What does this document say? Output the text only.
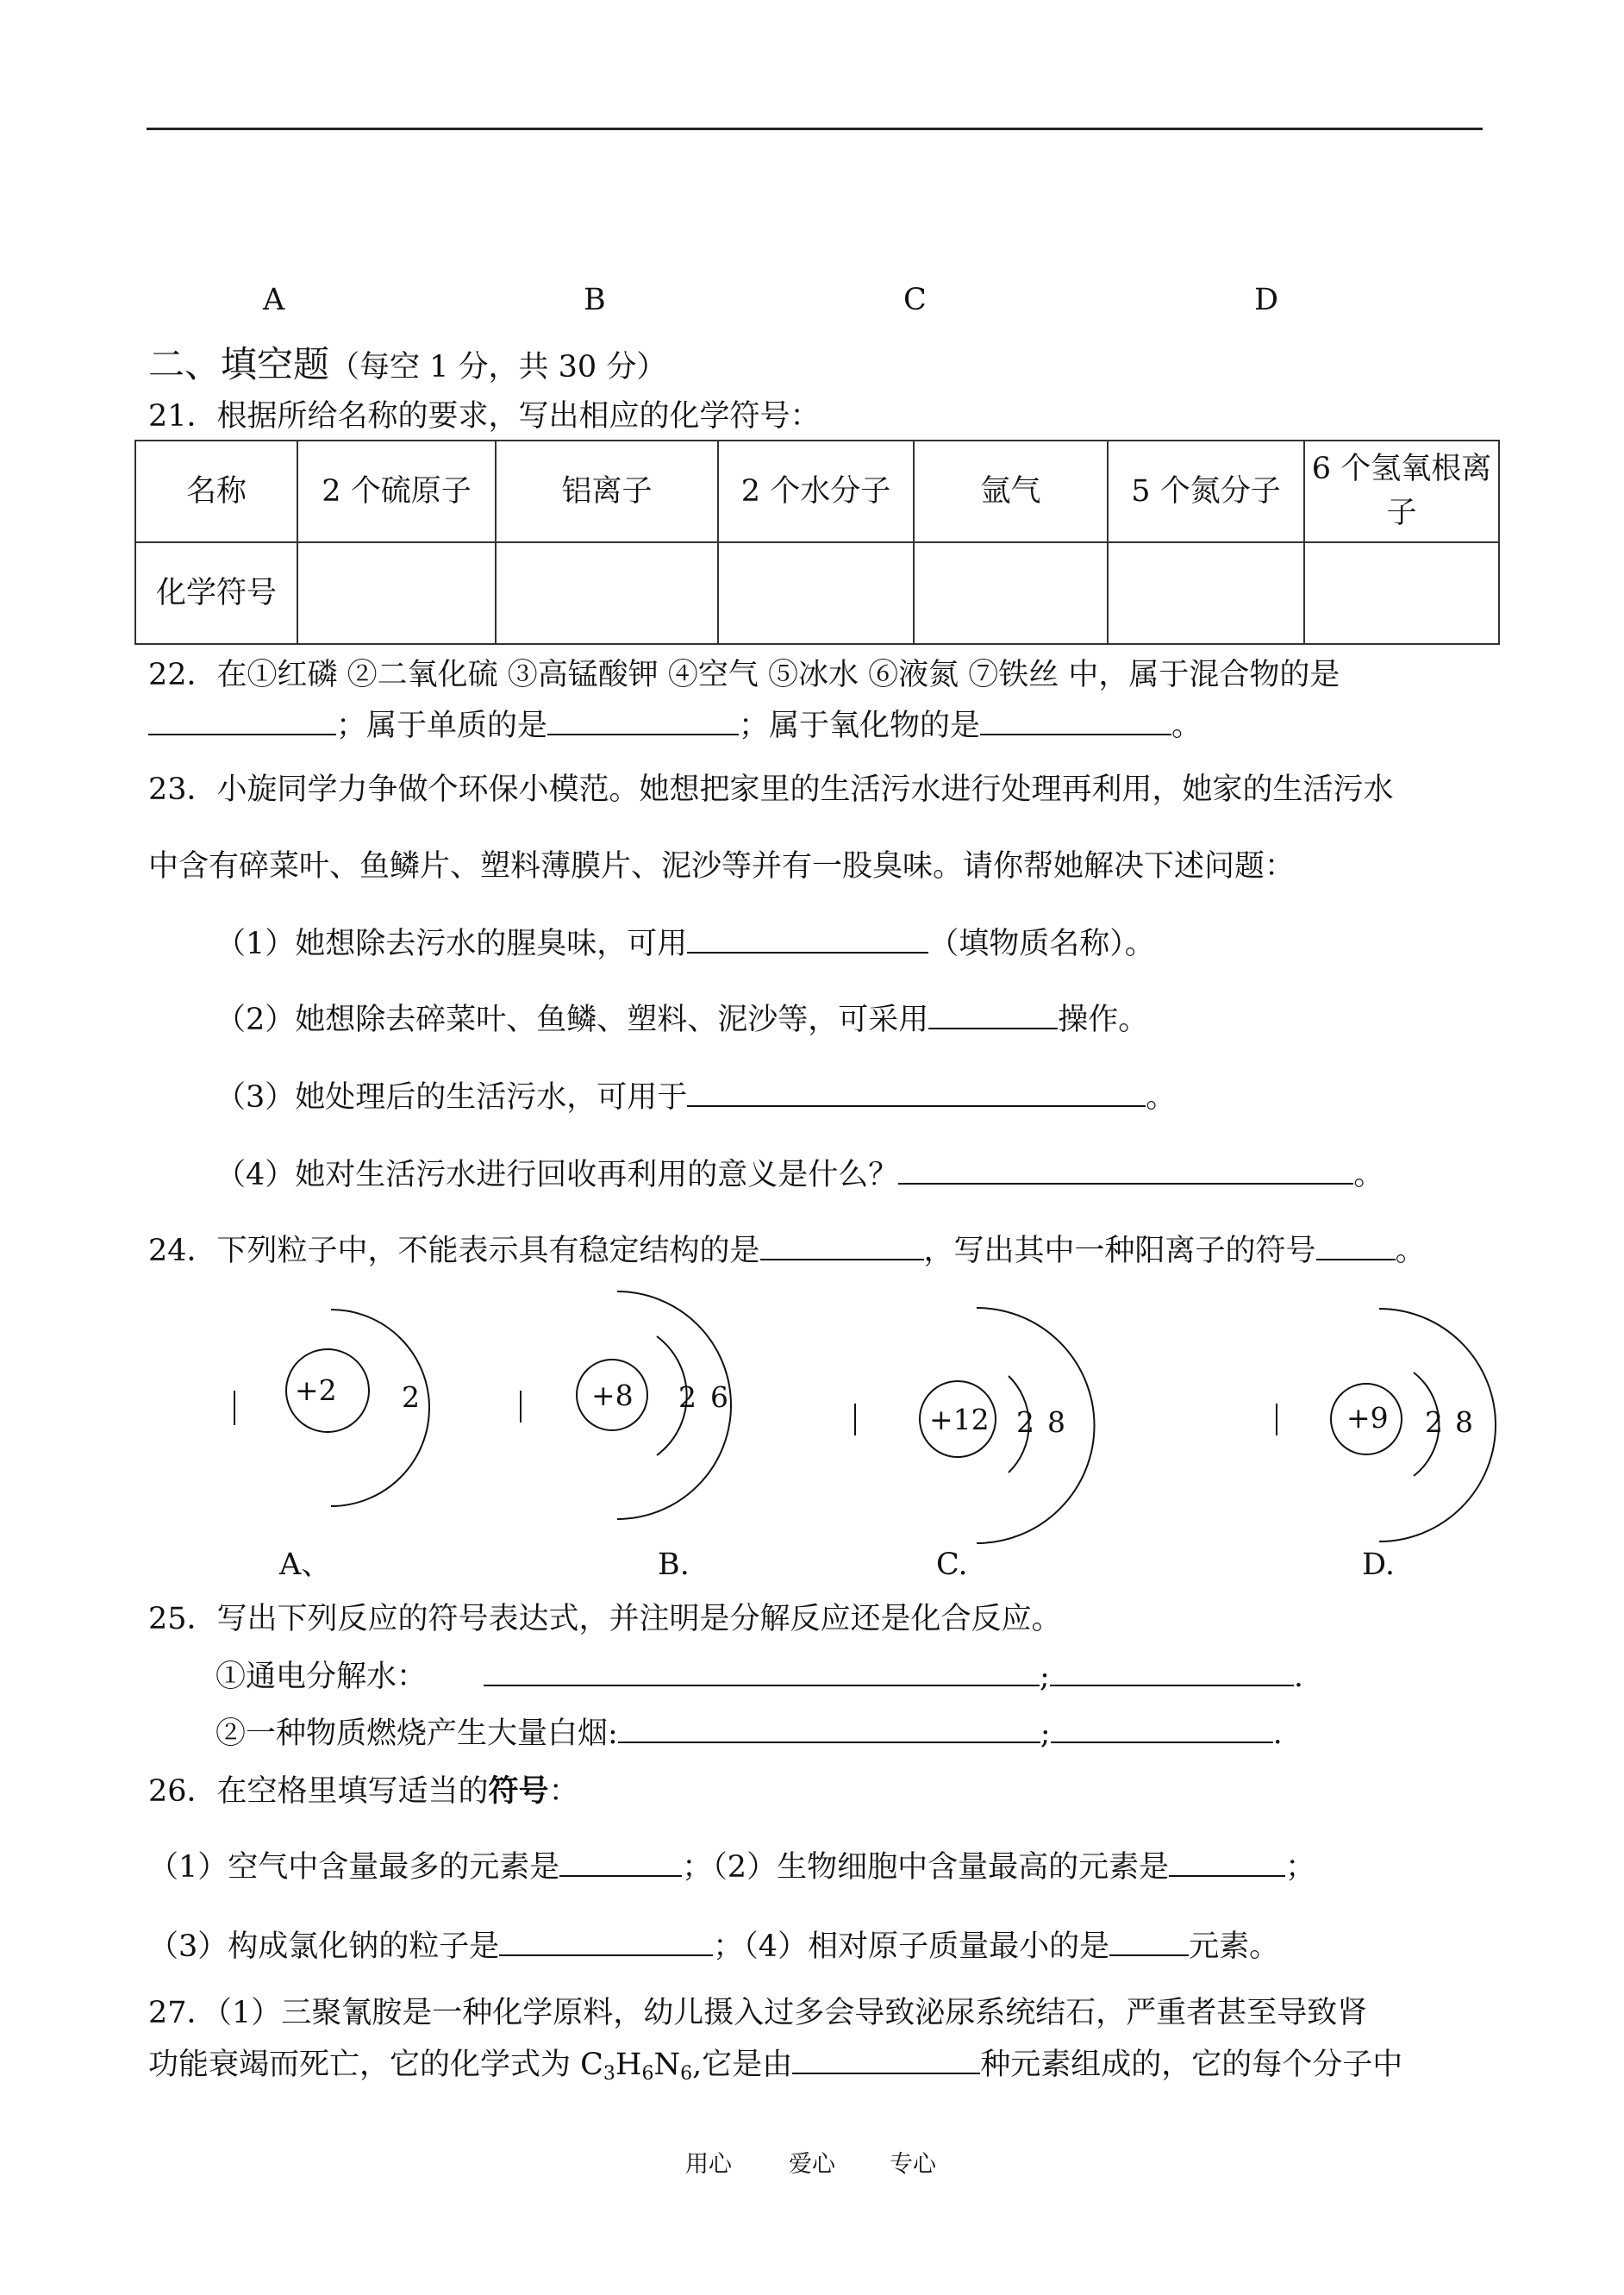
A	B	C	D
二、填空题（每空 1 分，共 30 分）
21．根据所给名称的要求，写出相应的化学符号：
名称	2 个硫原子	铝离子	2 个水分子	氩气	5 个氮分子	6 个氢氧根离子
化学符号						
22．在①红磷 ②二氧化硫 ③高锰酸钾 ④空气 ⑤冰水 ⑥液氮 ⑦铁丝 中，属于混合物的是
；属于单质的是	；属于氧化物的是	。
23．小旋同学力争做个环保小模范。她想把家里的生活污水进行处理再利用，她家的生活污水
中含有碎菜叶、鱼鳞片、塑料薄膜片、泥沙等并有一股臭味。请你帮她解决下述问题：
（1）她想除去污水的腥臭味，可用	（填物质名称）。
（2）她想除去碎菜叶、鱼鳞、塑料、泥沙等，可采用	操作。
（3）她处理后的生活污水，可用于	。
（4）她对生活污水进行回收再利用的意义是什么？	。
24．下列粒子中，不能表示具有稳定结构的是	，写出其中一种阳离子的符号	。
+2 2	+8 2 6
+12 2 8	+9 2 8
A、	B.	C.	D.
25．写出下列反应的符号表达式，并注明是分解反应还是化合反应。
①通电分解水：	;	.
②一种物质燃烧产生大量白烟:	;	.
26．在空格里填写适当的符号：
（1）空气中含量最多的元素是	；（2）生物细胞中含量最高的元素是	；
（3）构成氯化钠的粒子是	；（4）相对原子质量最小的是	元素。
27．（1）三聚氰胺是一种化学原料，幼儿摄入过多会导致泌尿系统结石，严重者甚至导致肾
功能衰竭而死亡，它的化学式为 $C_3H_6N_6$,它是由	种元素组成的，它的每个分子中
用心 爱心 专心
